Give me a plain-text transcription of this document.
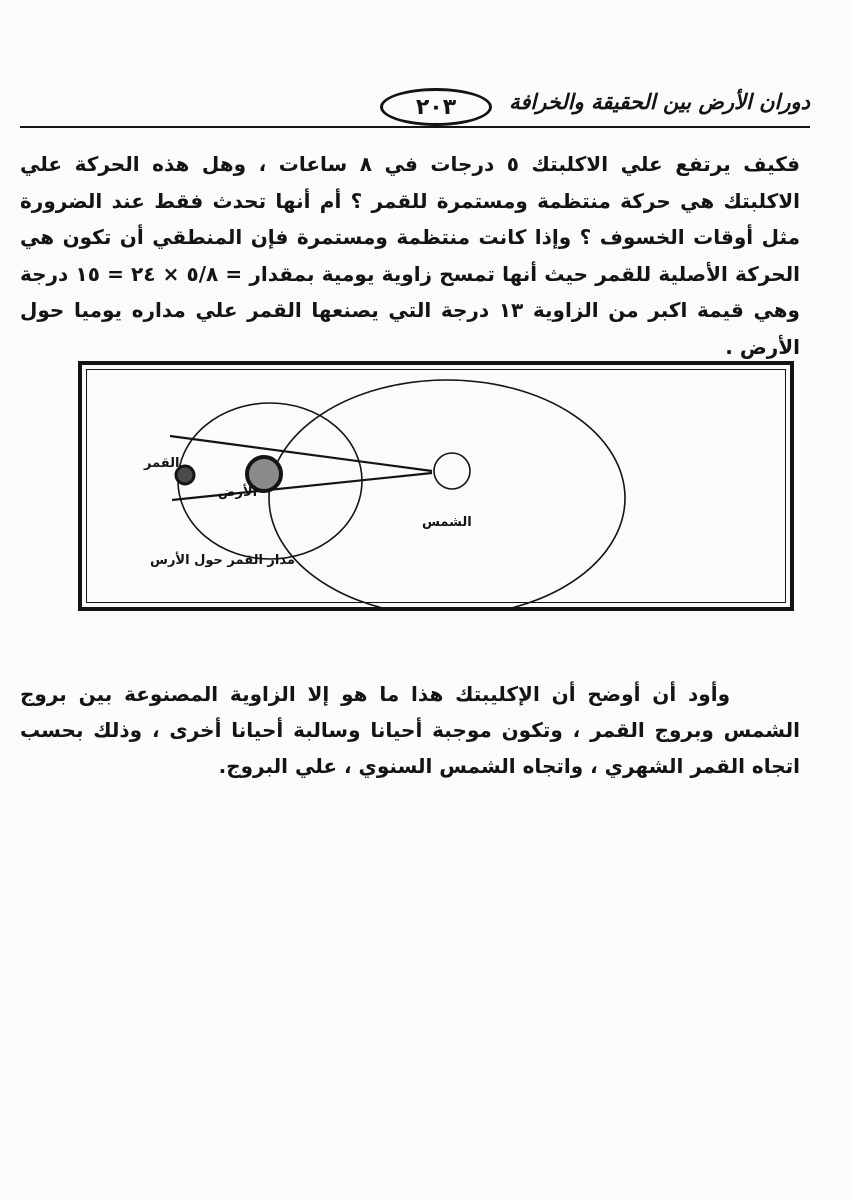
دوران الأرض بين الحقيقة والخرافة
٢٠٣

فكيف يرتفع علي الاكلبتك ٥ درجات في ٨ ساعات ، وهل هذه الحركة علي الاكلبتك هي حركة منتظمة ومستمرة للقمر ؟ أم أنها تحدث فقط عند الضرورة مثل أوقات الخسوف ؟ وإذا كانت منتظمة ومستمرة فإن المنطقي أن تكون هي الحركة الأصلية للقمر حيث أنها تمسح زاوية يومية بمقدار = ٥/٨ × ٢٤ = ١٥ درجة وهي قيمة اكبر من الزاوية ١٣ درجة التي يصنعها القمر علي مداره يوميا حول الأرض .

القمر
الأرض
الشمس
مدار القمر حول الأرس

وأود أن أوضح أن الإكليبتك هذا ما هو إلا الزاوية المصنوعة بين بروج الشمس وبروج القمر ، وتكون موجبة أحيانا وسالبة أحيانا أخرى ، وذلك بحسب اتجاه القمر الشهري ، واتجاه الشمس السنوي ، علي البروج.
